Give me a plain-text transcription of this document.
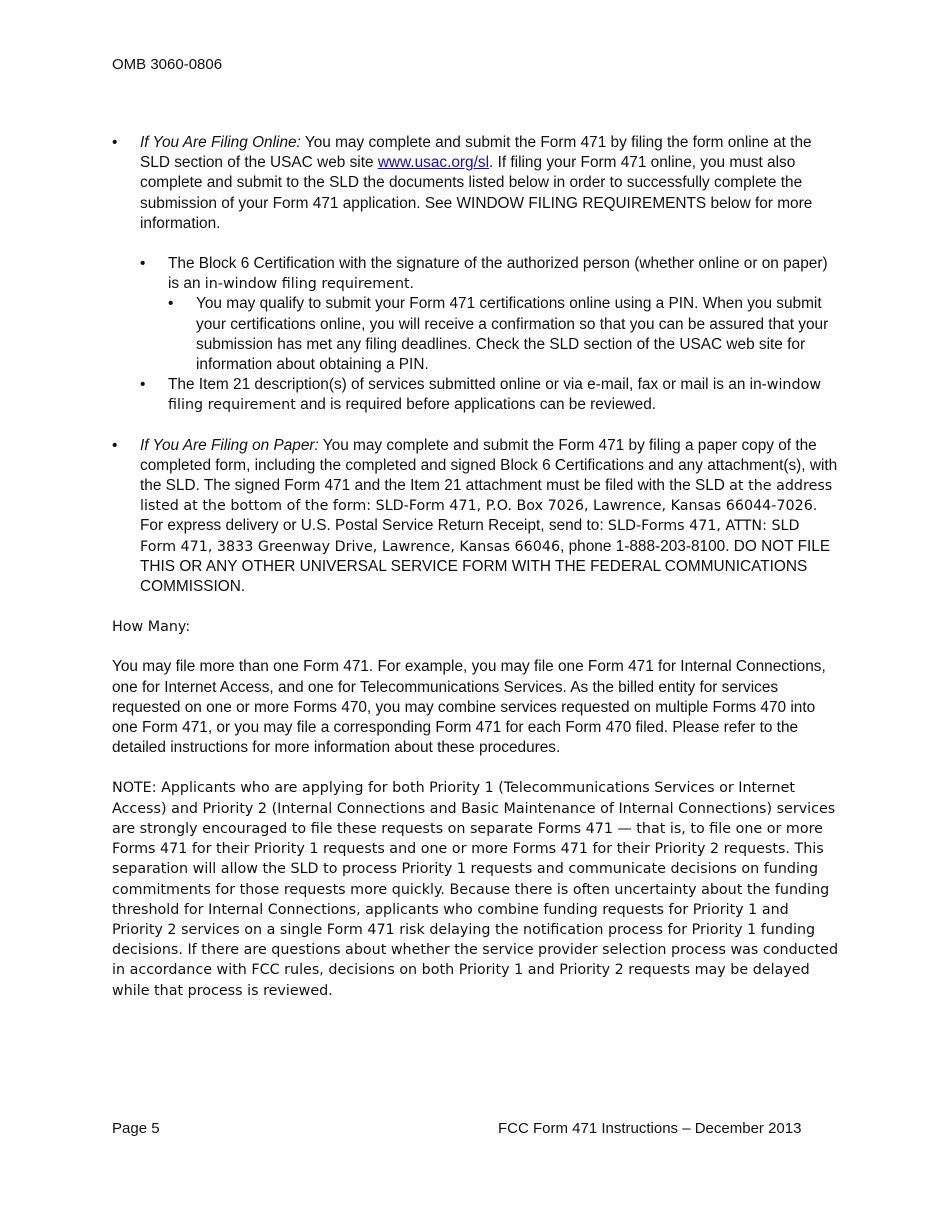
OMB 3060-0806
• If You Are Filing Online: You may complete and submit the Form 471 by filing the form online at the SLD section of the USAC web site www.usac.org/sl. If filing your Form 471 online, you must also complete and submit to the SLD the documents listed below in order to successfully complete the submission of your Form 471 application. See WINDOW FILING REQUIREMENTS below for more information.
• The Block 6 Certification with the signature of the authorized person (whether online or on paper) is an in-window filing requirement.
• You may qualify to submit your Form 471 certifications online using a PIN. When you submit your certifications online, you will receive a confirmation so that you can be assured that your submission has met any filing deadlines. Check the SLD section of the USAC web site for information about obtaining a PIN.
• The Item 21 description(s) of services submitted online or via e-mail, fax or mail is an in-window filing requirement and is required before applications can be reviewed.
• If You Are Filing on Paper: You may complete and submit the Form 471 by filing a paper copy of the completed form, including the completed and signed Block 6 Certifications and any attachment(s), with the SLD. The signed Form 471 and the Item 21 attachment must be filed with the SLD at the address listed at the bottom of the form: SLD-Form 471, P.O. Box 7026, Lawrence, Kansas 66044-7026. For express delivery or U.S. Postal Service Return Receipt, send to: SLD-Forms 471, ATTN: SLD Form 471, 3833 Greenway Drive, Lawrence, Kansas 66046, phone 1-888-203-8100. DO NOT FILE THIS OR ANY OTHER UNIVERSAL SERVICE FORM WITH THE FEDERAL COMMUNICATIONS COMMISSION.

How Many:

You may file more than one Form 471. For example, you may file one Form 471 for Internal Connections, one for Internet Access, and one for Telecommunications Services. As the billed entity for services requested on one or more Forms 470, you may combine services requested on multiple Forms 470 into one Form 471, or you may file a corresponding Form 471 for each Form 470 filed. Please refer to the detailed instructions for more information about these procedures.

NOTE: Applicants who are applying for both Priority 1 (Telecommunications Services or Internet Access) and Priority 2 (Internal Connections and Basic Maintenance of Internal Connections) services are strongly encouraged to file these requests on separate Forms 471 — that is, to file one or more Forms 471 for their Priority 1 requests and one or more Forms 471 for their Priority 2 requests. This separation will allow the SLD to process Priority 1 requests and communicate decisions on funding commitments for those requests more quickly. Because there is often uncertainty about the funding threshold for Internal Connections, applicants who combine funding requests for Priority 1 and Priority 2 services on a single Form 471 risk delaying the notification process for Priority 1 funding decisions. If there are questions about whether the service provider selection process was conducted in accordance with FCC rules, decisions on both Priority 1 and Priority 2 requests may be delayed while that process is reviewed.

Page 5	FCC Form 471 Instructions – December 2013
